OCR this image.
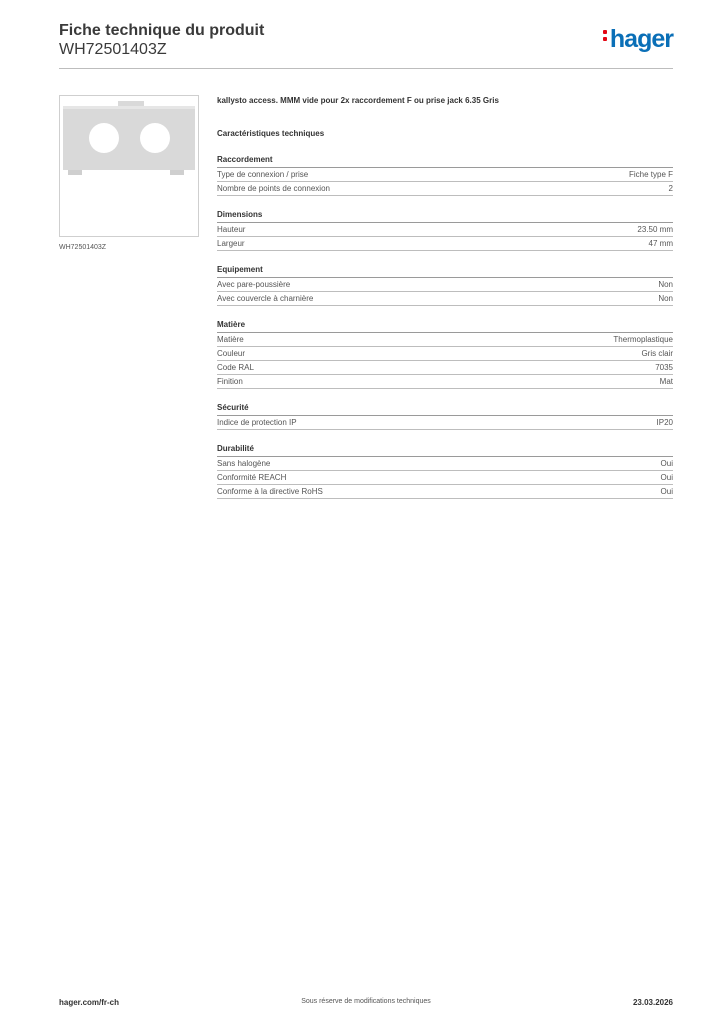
Fiche technique du produit
WH72501403Z	hager
WH72501403Z
kallysto access. MMM vide pour 2x raccordement F ou prise jack 6.35 Gris
Caractéristiques techniques
Raccordement
Type de connexion / prise	Fiche type F
Nombre de points de connexion	2
Dimensions
Hauteur	23.50 mm
Largeur	47 mm
Equipement
Avec pare-poussière	Non
Avec couvercle à charnière	Non
Matière
Matière	Thermoplastique
Couleur	Gris clair
Code RAL	7035
Finition	Mat
Sécurité
Indice de protection IP	IP20
Durabilité
Sans halogène	Oui
Conformité REACH	Oui
Conforme à la directive RoHS	Oui
Sous réserve de modifications techniques
hager.com/fr-ch	23.03.2026
